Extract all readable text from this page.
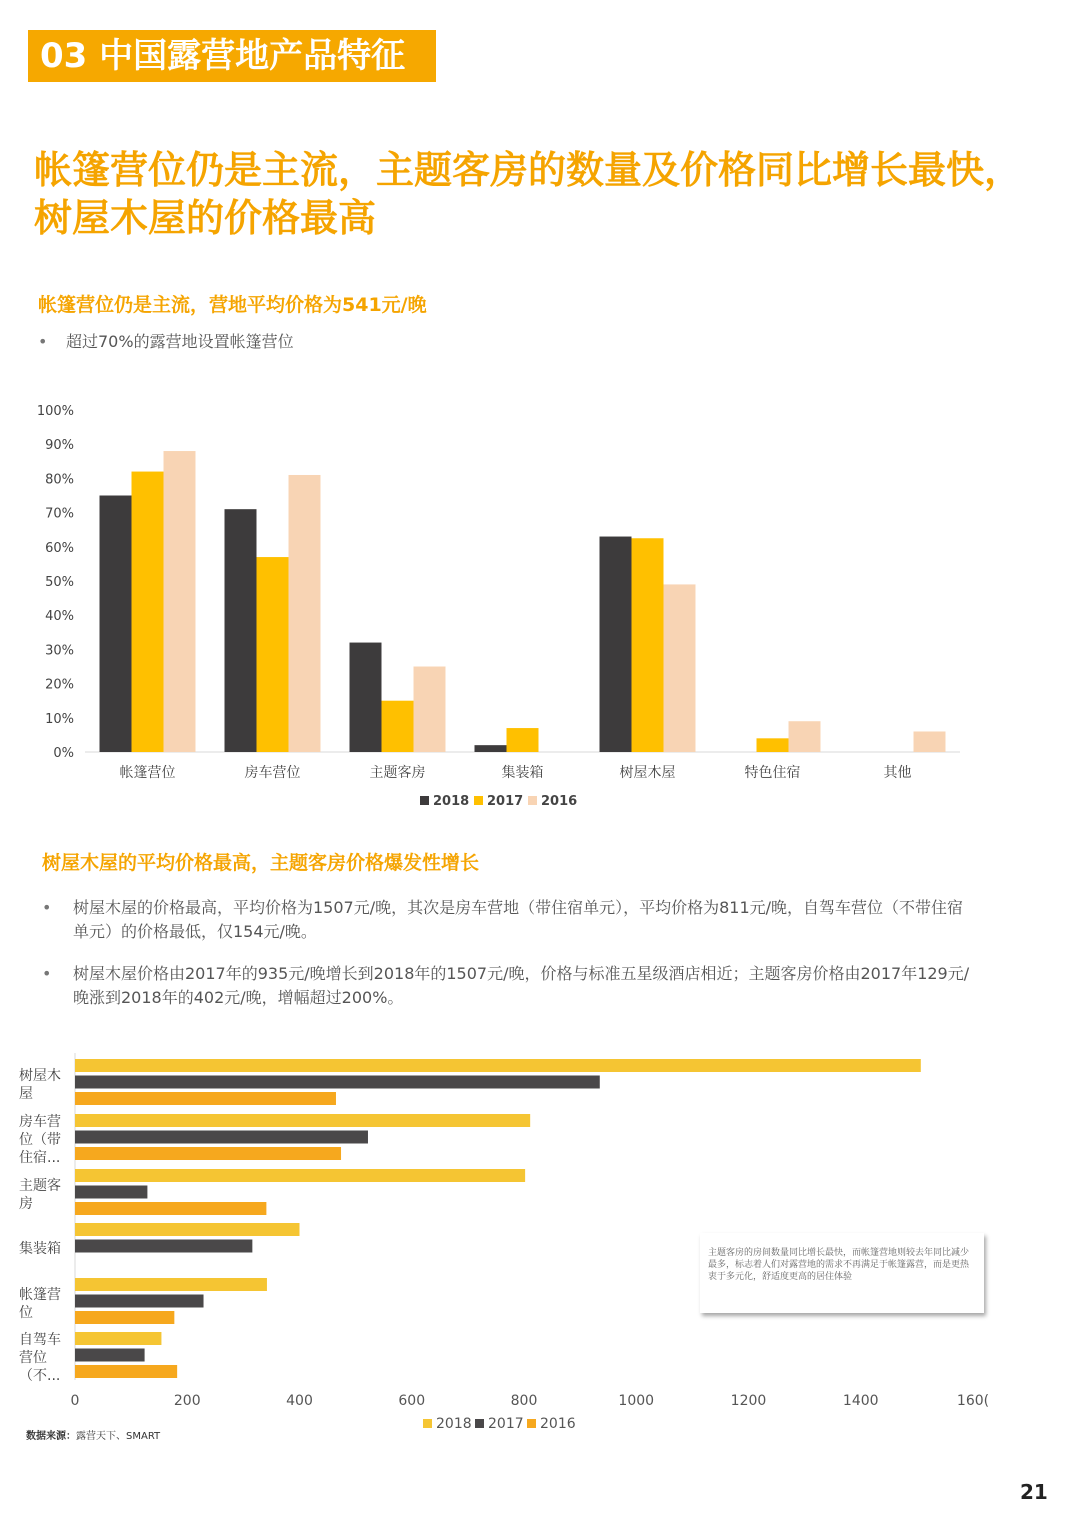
03 中国露营地产品特征
帐篷营位仍是主流，主题客房的数量及价格同比增长最快，树屋木屋的价格最高
帐篷营位仍是主流，营地平均价格为541元/晚
• 超过70%的露营地设置帐篷营位
0%
10%
20%
30%
40%
50%
60%
70%
80%
90%
100%
帐篷营位	房车营位	主题客房	集装箱	树屋木屋	特色住宿	其他
2018 2017 2016
树屋木屋的平均价格最高，主题客房价格爆发性增长
• 树屋木屋的价格最高，平均价格为1507元/晚，其次是房车营地（带住宿单元），平均价格为811元/晚，自驾车营位（不带住宿单元）的价格最低，仅154元/晚。
• 树屋木屋价格由2017年的935元/晚增长到2018年的1507元/晚，价格与标准五星级酒店相近；主题客房价格由2017年129元/晚涨到2018年的402元/晚，增幅超过200%。
树屋木
屋
房车营
位（带
住宿...
主题客
房
集装箱
帐篷营
位
自驾车
营位
（不...
0	200	400	600	800	1000	1200	1400	160(
2018 2017 2016
主题客房的房间数量同比增长最快，而帐篷营地则较去年同比减少最多，标志着人们对露营地的需求不再满足于帐篷露营，而是更热衷于多元化，舒适度更高的居住体验
数据来源：露营天下、SMART
21
